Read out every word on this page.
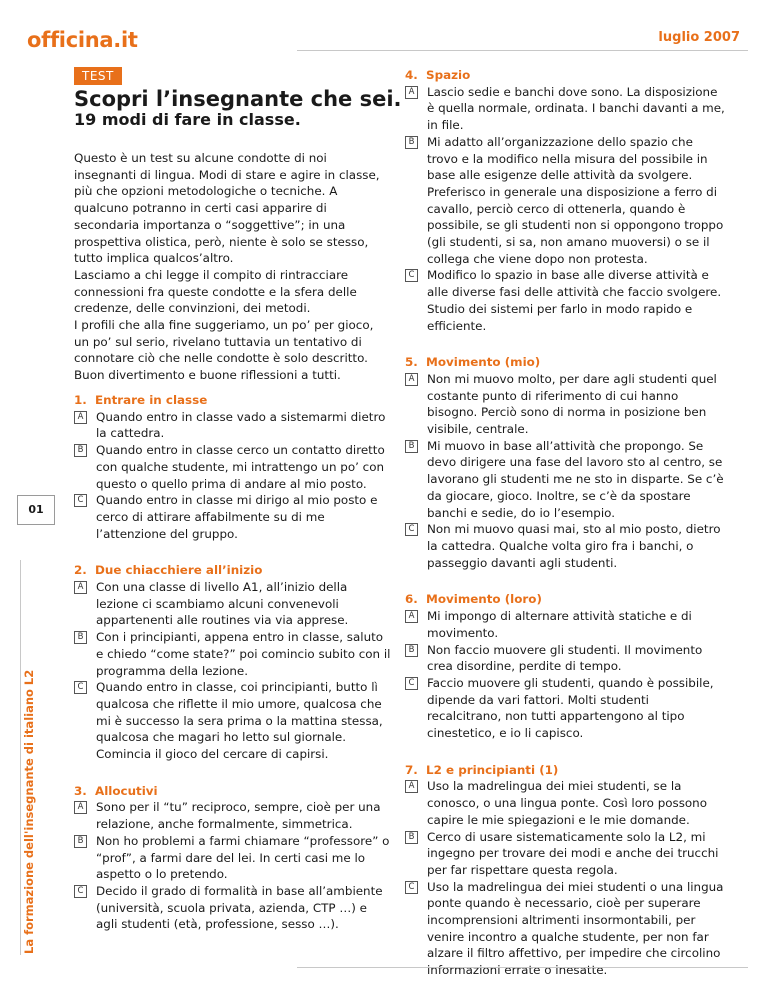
officina.it	luglio 2007
La formazione dell'insegnante di italiano L2
01
TEST
Scopri l’insegnante che sei.
19 modi di fare in classe.

Questo è un test su alcune condotte di noi insegnanti di lingua. Modi di stare e agire in classe, più che opzioni metodologiche o tecniche. A qualcuno potranno in certi casi apparire di secondaria importanza o “soggettive”; in una prospettiva olistica, però, niente è solo se stesso, tutto implica qualcos’altro.

Lasciamo a chi legge il compito di rintracciare connessioni fra queste condotte e la sfera delle credenze, delle convinzioni, dei metodi.

I profili che alla fine suggeriamo, un po’ per gioco, un po’ sul serio, rivelano tuttavia un tentativo di connotare ciò che nelle condotte è solo descritto. Buon divertimento e buone riflessioni a tutti.

1. Entrare in classe
A	Quando entro in classe vado a sistemarmi dietro la cattedra.
B	Quando entro in classe cerco un contatto diretto con qualche studente, mi intrattengo un po’ con questo o quello prima di andare al mio posto.
C Quando entro in classe mi dirigo al mio posto e cerco di attirare affabilmente su di me l’attenzione del gruppo.
2. Due chiacchiere all’inizio
A	Con una classe di livello A1, all’inizio della lezione ci scambiamo alcuni convenevoli appartenenti alle routines via via apprese.
B	Con i principianti, appena entro in classe, saluto e chiedo “come state?” poi comincio subito con il programma della lezione.
C Quando entro in classe, coi principianti, butto lì qualcosa che riflette il mio umore, qualcosa che mi è successo la sera prima o la mattina stessa, qualcosa che magari ho letto sul giornale. Comincia il gioco del cercare di capirsi.
3. Allocutivi
A	Sono per il “tu” reciproco, sempre, cioè per una relazione, anche formalmente, simmetrica.
B	Non ho problemi a farmi chiamare “professore” o “prof”, a farmi dare del lei. In certi casi me lo aspetto o lo pretendo.
C Decido il grado di formalità in base all’ambiente (università, scuola privata, azienda, CTP …) e agli studenti (età, professione, sesso …).
4. Spazio
A	Lascio sedie e banchi dove sono. La disposizione è quella normale, ordinata. I banchi davanti a me, in file.
B	Mi adatto all’organizzazione dello spazio che trovo e la modifico nella misura del possibile in base alle esigenze delle attività da svolgere. Preferisco in generale una disposizione a ferro di cavallo, perciò cerco di ottenerla, quando è possibile, se gli studenti non si oppongono troppo (gli studenti, si sa, non amano muoversi) o se il collega che viene dopo non protesta.
C Modifico lo spazio in base alle diverse attività e alle diverse fasi delle attività che faccio svolgere. Studio dei sistemi per farlo in modo rapido e efficiente.
5. Movimento (mio)
A	Non mi muovo molto, per dare agli studenti quel costante punto di riferimento di cui hanno bisogno. Perciò sono di norma in posizione ben visibile, centrale.
B	Mi muovo in base all’attività che propongo. Se devo dirigere una fase del lavoro sto al centro, se lavorano gli studenti me ne sto in disparte. Se c’è da giocare, gioco. Inoltre, se c’è da spostare banchi e sedie, do io l’esempio.
C Non mi muovo quasi mai, sto al mio posto, dietro la cattedra. Qualche volta giro fra i banchi, o passeggio davanti agli studenti.
6. Movimento (loro)
A	Mi impongo di alternare attività statiche e di movimento.
B	Non faccio muovere gli studenti. Il movimento crea disordine, perdite di tempo.
C Faccio muovere gli studenti, quando è possibile, dipende da vari fattori. Molti studenti recalcitrano, non tutti appartengono al tipo cinestetico, e io li capisco.
7. L2 e principianti (1)
A	Uso la madrelingua dei miei studenti, se la conosco, o una lingua ponte. Così loro possono capire le mie spiegazioni e le mie domande.
B	Cerco di usare sistematicamente solo la L2, mi ingegno per trovare dei modi e anche dei trucchi per far rispettare questa regola.
C Uso la madrelingua dei miei studenti o una lingua ponte quando è necessario, cioè per superare incomprensioni altrimenti insormontabili, per venire incontro a qualche studente, per non far alzare il filtro affettivo, per impedire che circolino informazioni errate o inesatte.
